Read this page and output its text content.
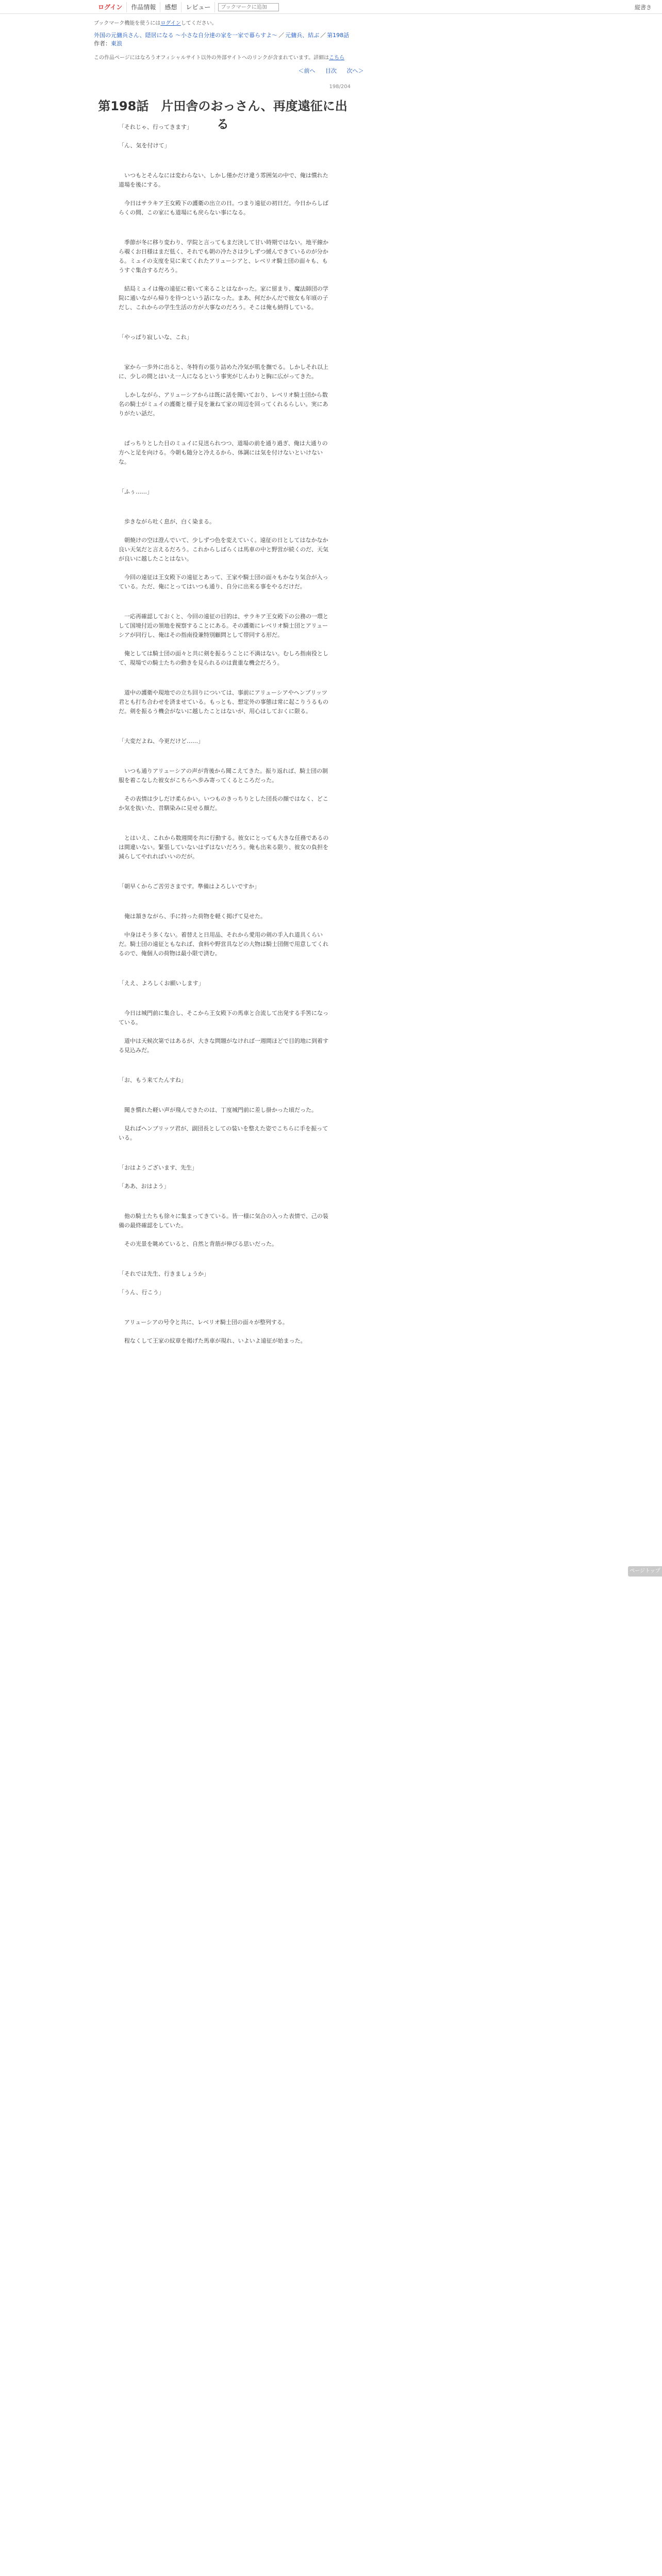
ログイン	作品情報	感想	レビュー
ブックマークに追加	縦書き
ブックマーク機能を使うにはログインしてください。
外国の元傭兵さん、隠居になる ～小さな自分達の家を一家で暮らすよ～ ／ 元傭兵、結ぶ ／ 第198話
作者：東浪
この作品ページにはなろうオフィシャルサイト以外の外部サイトへのリンクが含まれています。詳細はこちら
＜前へ 目次 次へ＞
198/204
第198話　片田舎のおっさん、再度遠征に出る

「それじゃ、行ってきます」

「ん、気を付けて」

　いつもとそんなには変わらない、しかし僅かだけ違う雰囲気の中で、俺は慣れた道場を後にする。

　今日はサラキア王女殿下の護衛の出立の日。つまり遠征の初日だ。今日からしばらくの間、この家にも道場にも戻らない事になる。

　季節が冬に移り変わり、学院と言ってもまだ決して甘い時期ではない。地平線から覗くお日様はまだ低く、それでも朝の冷たさは少しずつ緩んできているのが分かる。ミュイの支度を見に来てくれたアリューシアと、レベリオ騎士団の面々も、もうすぐ集合するだろう。

　結局ミュイは俺の遠征に着いて来ることはなかった。家に留まり、魔法師団の学院に通いながら帰りを待つという話になった。まあ、何だかんだで彼女も年頃の子だし、これからの学生生活の方が大事なのだろう。そこは俺も納得している。

「やっぱり寂しいな、これ」

　家から一歩外に出ると、冬特有の張り詰めた冷気が肌を撫でる。しかしそれ以上に、少しの間とはいえ一人になるという事実がじんわりと胸に広がってきた。

　しかしながら、アリューシアからは既に話を聞いており、レベリオ騎士団から数名の騎士がミュイの護衛と様子見を兼ねて家の周辺を回ってくれるらしい。実にありがたい話だ。

　ぱっちりとした目のミュイに見送られつつ、道場の前を通り過ぎ、俺は大通りの方へと足を向ける。今朝も随分と冷えるから、体調には気を付けないといけないな。

「ふぅ……」

　歩きながら吐く息が、白く染まる。

　朝焼けの空は澄んでいて、少しずつ色を変えていく。遠征の日としてはなかなか良い天気だと言えるだろう。これからしばらくは馬車の中と野営が続くのだ、天気が良いに越したことはない。

　今回の遠征は王女殿下の遠征とあって、王家や騎士団の面々もかなり気合が入っている。ただ、俺にとってはいつも通り、自分に出来る事をやるだけだ。

　一応再確認しておくと、今回の遠征の目的は、サラキア王女殿下の公務の一環として国境付近の領地を視察することにある。その護衛にレベリオ騎士団とアリューシアが同行し、俺はその指南役兼特別顧問として帯同する形だ。

　俺としては騎士団の面々と共に剣を振るうことに不満はない。むしろ指南役として、現場での騎士たちの動きを見られるのは貴重な機会だろう。

　道中の護衛や現地での立ち回りについては、事前にアリューシアやヘンブリッツ君とも打ち合わせを済ませている。もっとも、想定外の事態は常に起こりうるものだ。剣を振るう機会がないに越したことはないが、用心はしておくに限る。

「大変だよね、今更だけど……」

　いつも通りアリューシアの声が背後から聞こえてきた。振り返れば、騎士団の制服を着こなした彼女がこちらへ歩み寄ってくるところだった。

　その表情は少しだけ柔らかい。いつものきっちりとした団長の顔ではなく、どこか気を抜いた、昔馴染みに見せる顔だ。

　とはいえ、これから数週間を共に行動する。彼女にとっても大きな任務であるのは間違いない。緊張していないはずはないだろう。俺も出来る限り、彼女の負担を減らしてやれればいいのだが。

「朝早くからご苦労さまです。準備はよろしいですか」

　俺は頷きながら、手に持った荷物を軽く掲げて見せた。

　中身はそう多くない。着替えと日用品、それから愛用の剣の手入れ道具くらいだ。騎士団の遠征ともなれば、食料や野営具などの大物は騎士団側で用意してくれるので、俺個人の荷物は最小限で済む。

「ええ、よろしくお願いします」

　今日は城門前に集合し、そこから王女殿下の馬車と合流して出発する手筈になっている。

　道中は天候次第ではあるが、大きな問題がなければ一週間ほどで目的地に到着する見込みだ。

「お、もう来てたんすね」

　聞き慣れた軽い声が飛んできたのは、丁度城門前に差し掛かった頃だった。

　見ればヘンブリッツ君が、副団長としての装いを整えた姿でこちらに手を振っている。

「おはようございます、先生」

「ああ、おはよう」

　他の騎士たちも徐々に集まってきている。皆一様に気合の入った表情で、己の装備の最終確認をしていた。

　その光景を眺めていると、自然と背筋が伸びる思いだった。

「それでは先生、行きましょうか」

「うん、行こう」

　アリューシアの号令と共に、レベリオ騎士団の面々が整列する。

　程なくして王家の紋章を掲げた馬車が現れ、いよいよ遠征が始まった。

ページトップへ
